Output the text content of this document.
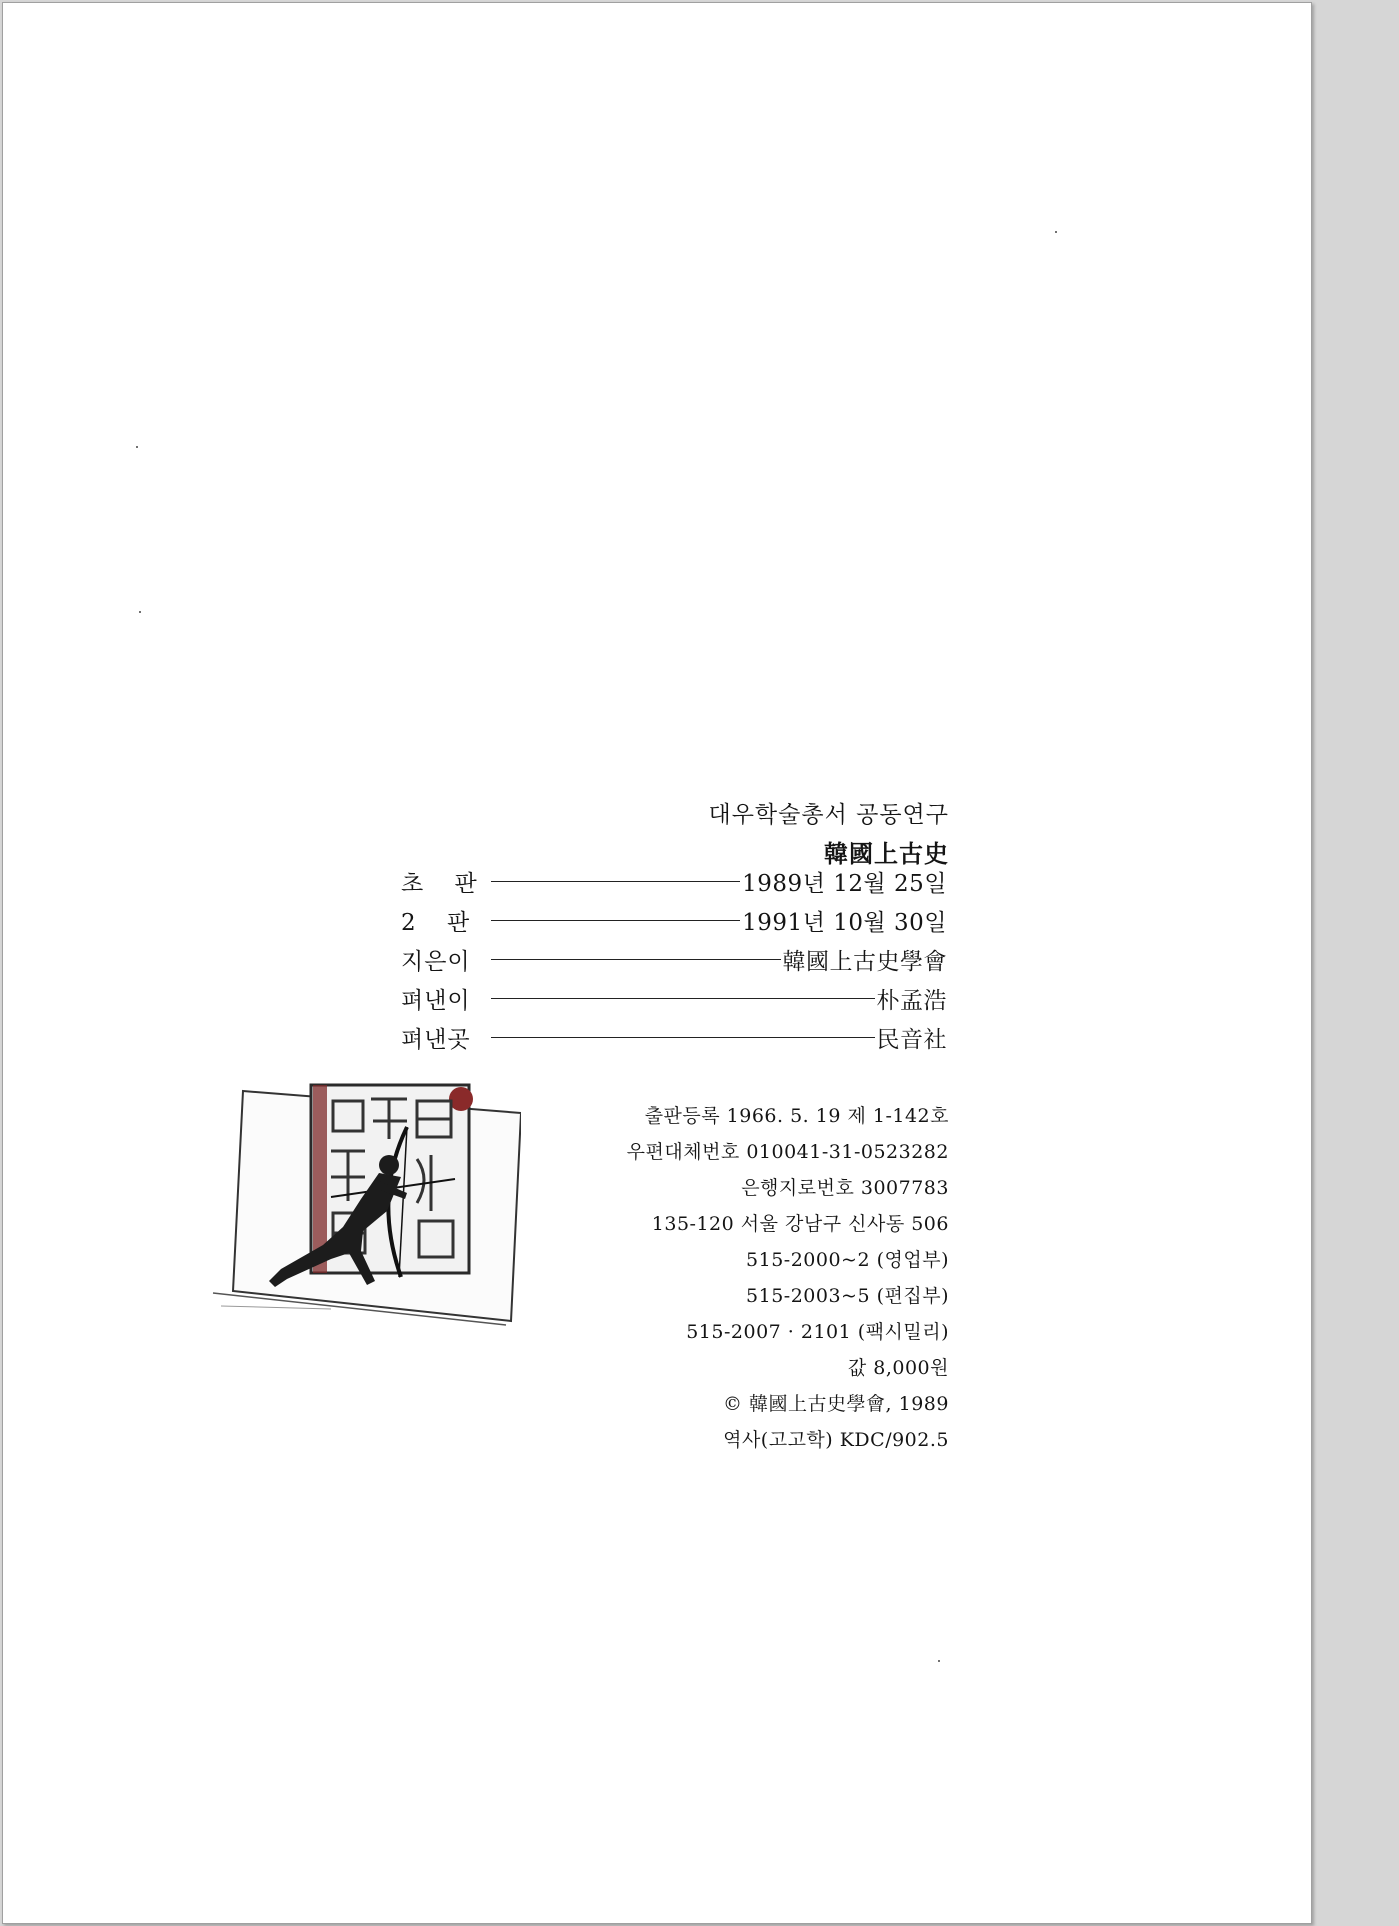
대우학술총서 공동연구
韓國上古史
초 판	1989년 12월 25일
2 판	1991년 10월 30일
지은이	韓國上古史學會
펴낸이	朴孟浩
펴낸곳	民音社
출판등록 1966. 5. 19 제 1-142호
우편대체번호 010041-31-0523282
은행지로번호 3007783
135-120 서울 강남구 신사동 506
515-2000~2 (영업부)
515-2003~5 (편집부)
515-2007 · 2101 (팩시밀리)
값 8,000원
© 韓國上古史學會, 1989
역사(고고학) KDC/902.5
